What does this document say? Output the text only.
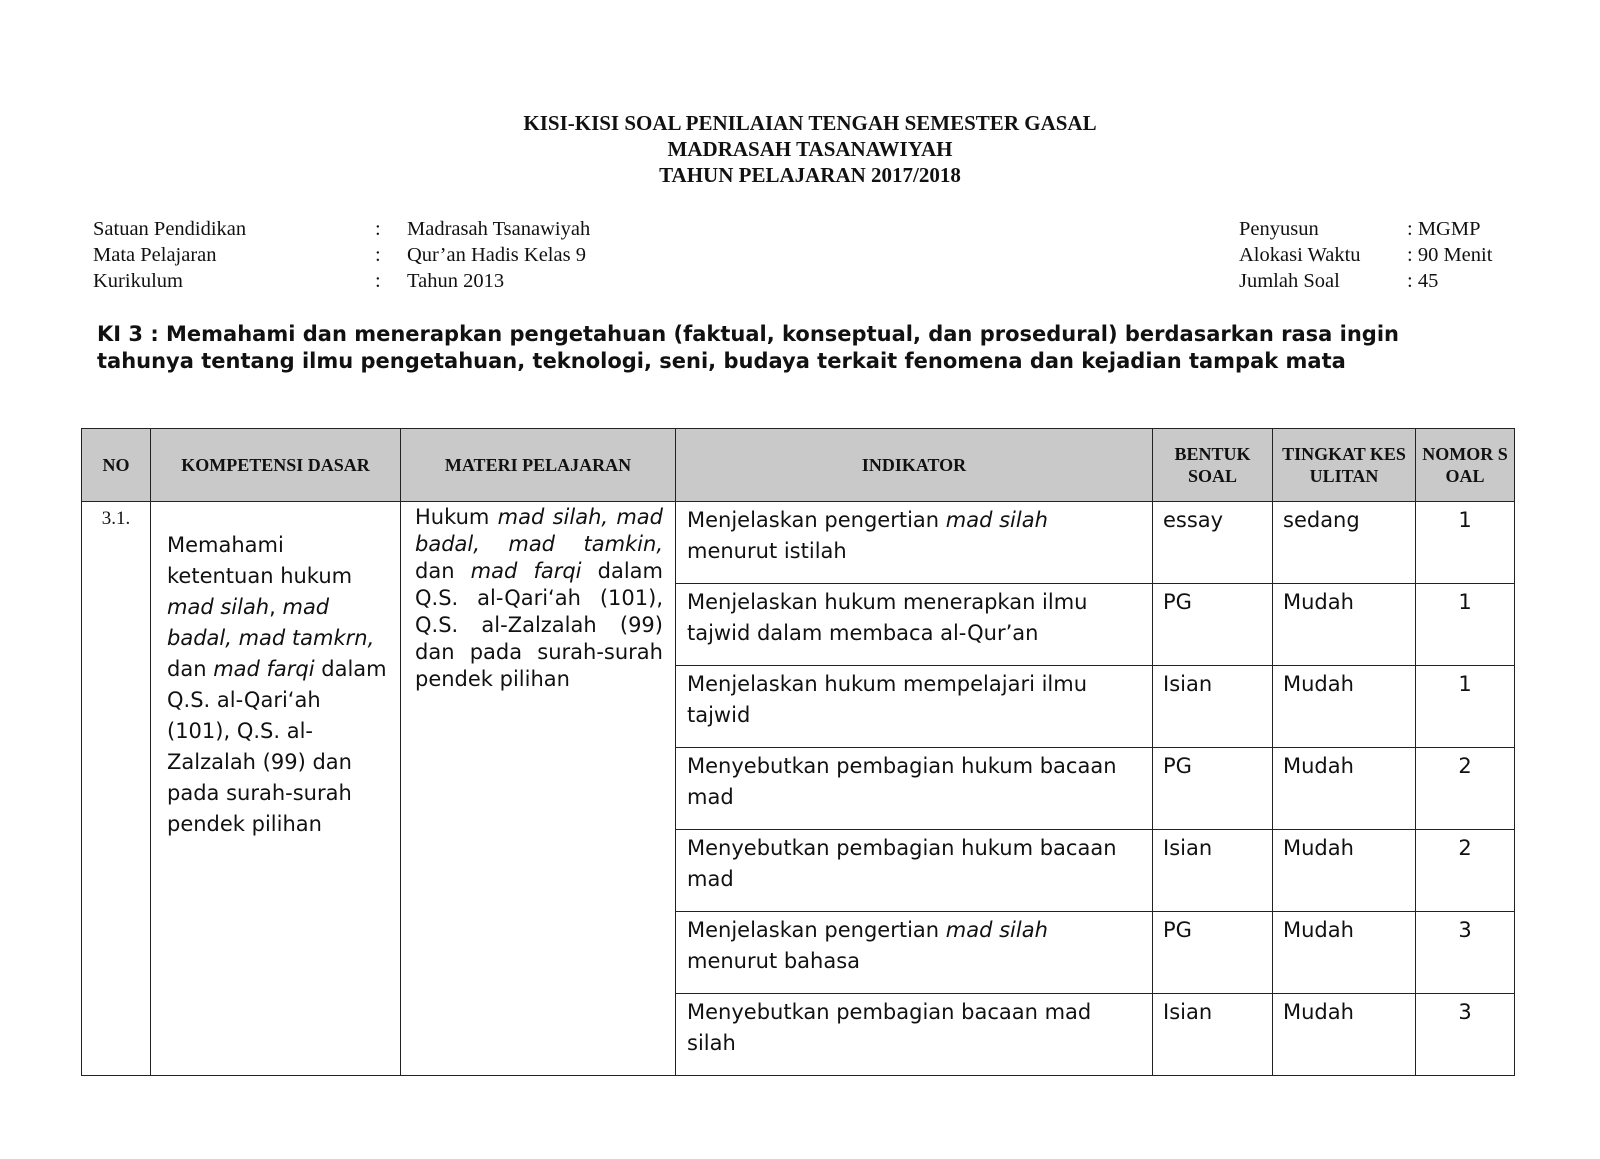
KISI-KISI SOAL PENILAIAN TENGAH SEMESTER GASAL
MADRASAH TASANAWIYAH
TAHUN PELAJARAN 2017/2018
Satuan Pendidikan	:	Madrasah Tsanawiyah
Mata Pelajaran	:	Qur’an Hadis Kelas 9
Kurikulum	:	Tahun 2013
Penyusun	: MGMP
Alokasi Waktu	: 90 Menit
Jumlah Soal	: 45
KI 3 : Memahami dan menerapkan pengetahuan (faktual, konseptual, dan prosedural) berdasarkan rasa ingin
tahunya tentang ilmu pengetahuan, teknologi, seni, budaya terkait fenomena dan kejadian tampak mata
NO	KOMPETENSI DASAR	MATERI PELAJARAN	INDIKATOR	BENTUK SOAL	TINGKAT KESULITAN	NOMOR SOAL
3.1.	Memahami ketentuan hukum mad silah, mad badal, mad tamkrn, dan mad farqi dalam Q.S. al-Qari‘ah (101), Q.S. al-Zalzalah (99) dan pada surah-surah pendek pilihan	Hukum mad silah, mad badal, mad tamkin, dan mad farqi dalam Q.S. al-Qari‘ah (101), Q.S. al-Zalzalah (99) dan pada surah-surah pendek pilihan	Menjelaskan pengertian mad silah menurut istilah	essay	sedang	1
			Menjelaskan hukum menerapkan ilmu tajwid dalam membaca al-Qur’an	PG	Mudah	1
			Menjelaskan hukum mempelajari ilmu tajwid	Isian	Mudah	1
			Menyebutkan pembagian hukum bacaan mad	PG	Mudah	2
			Menyebutkan pembagian hukum bacaan mad	Isian	Mudah	2
			Menjelaskan pengertian mad silah menurut bahasa	PG	Mudah	3
			Menyebutkan pembagian bacaan mad silah	Isian	Mudah	3
